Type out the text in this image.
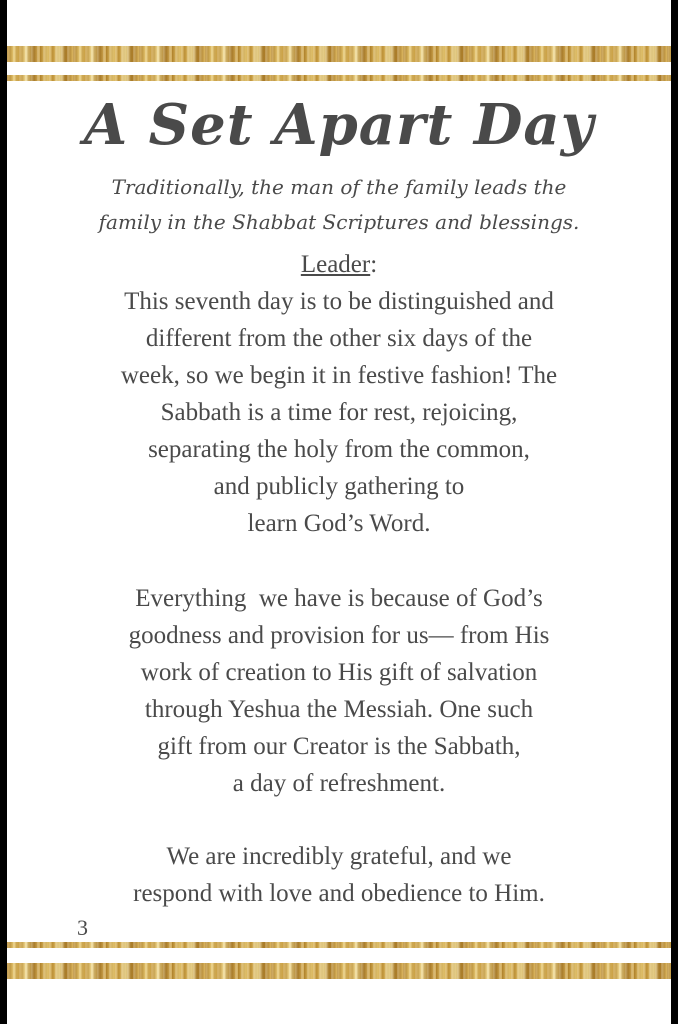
A Set Apart Day

Traditionally, the man of the family leads the
family in the Shabbat Scriptures and blessings.

Leader:

This seventh day is to be distinguished and
different from the other six days of the
week, so we begin it in festive fashion! The
Sabbath is a time for rest, rejoicing,
separating the holy from the common,
and publicly gathering to
learn God’s Word.

Everything  we have is because of God’s
goodness and provision for us— from His
work of creation to His gift of salvation
through Yeshua the Messiah. One such
gift from our Creator is the Sabbath,
a day of refreshment.

We are incredibly grateful, and we
respond with love and obedience to Him.

3
